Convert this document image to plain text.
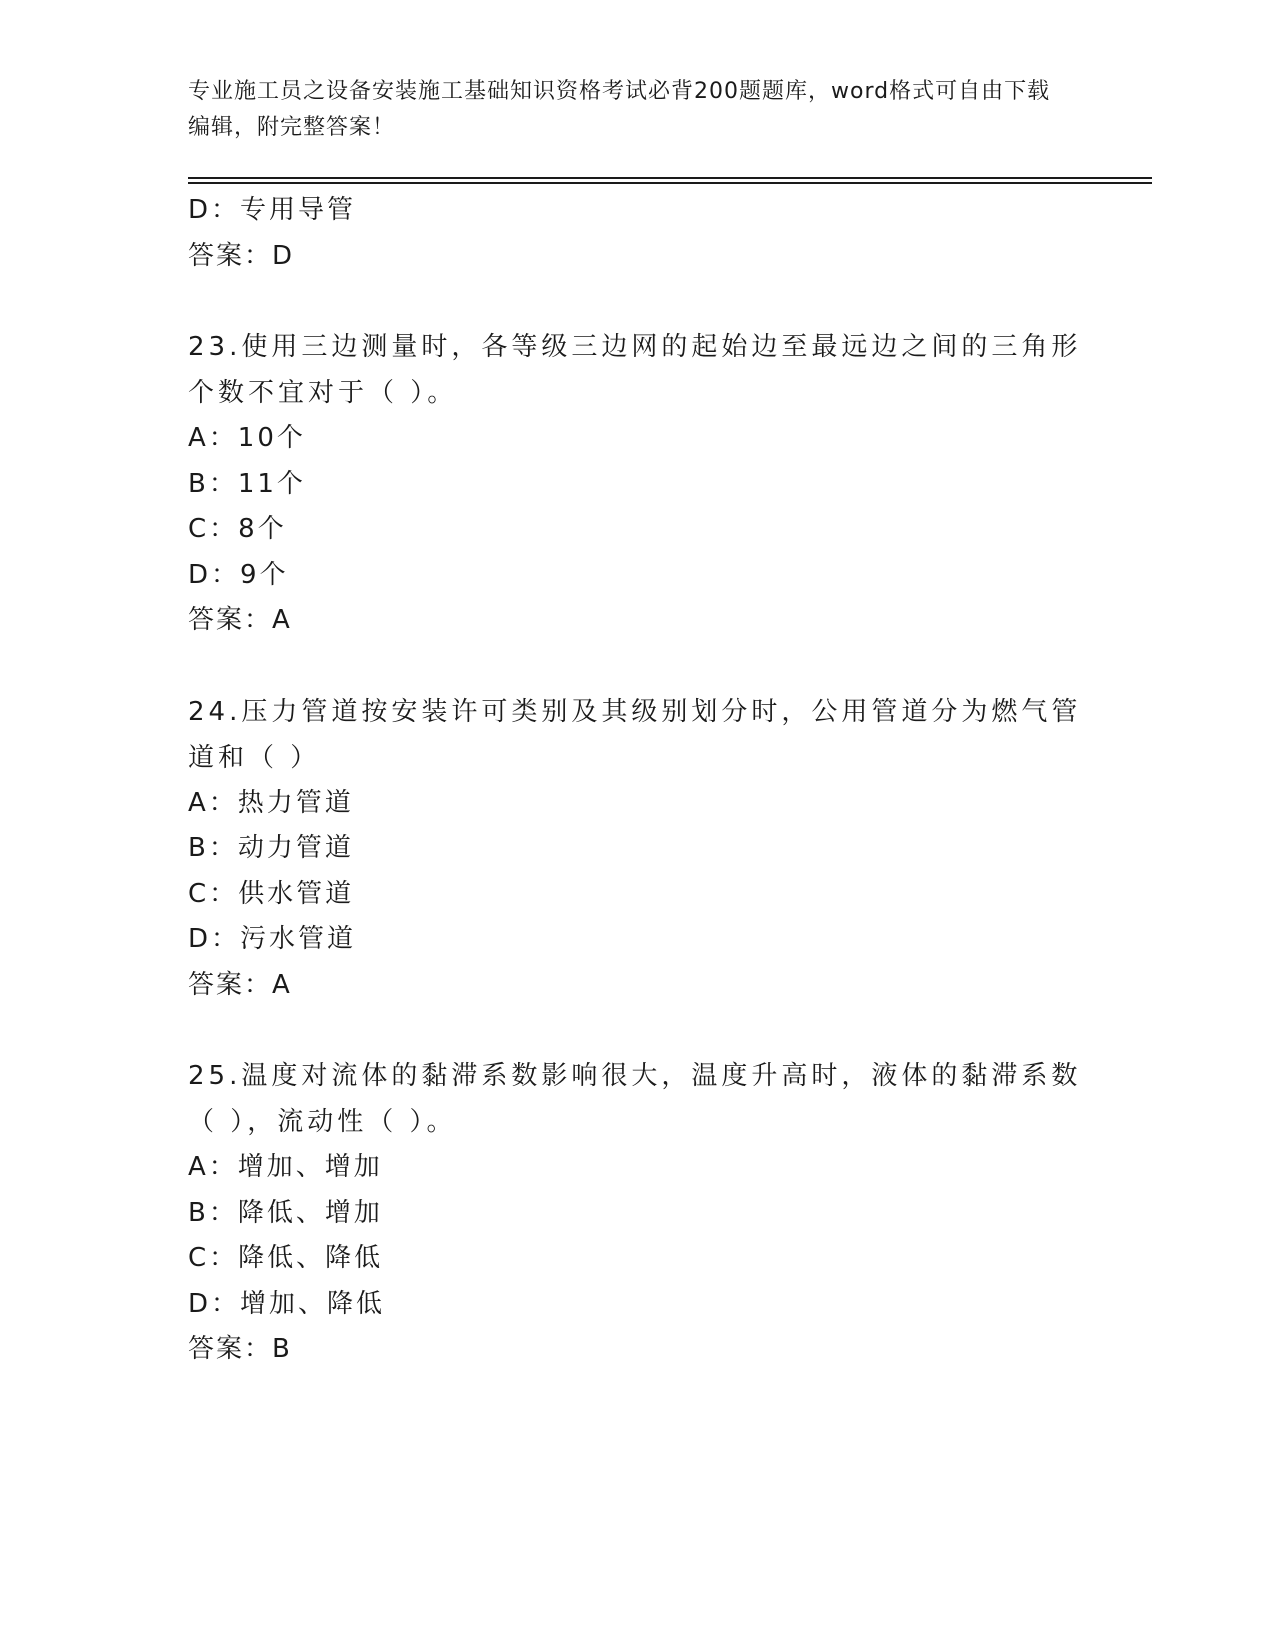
专业施工员之设备安装施工基础知识资格考试必背200题题库，word格式可自由下载编辑，附完整答案！
D：专用导管
答案：D
23.使用三边测量时，各等级三边网的起始边至最远边之间的三角形个数不宜对于（ ）。
A：10个
B：11个
C：8个
D：9个
答案：A
24.压力管道按安装许可类别及其级别划分时，公用管道分为燃气管道和（ ）
A：热力管道
B：动力管道
C：供水管道
D：污水管道
答案：A
25.温度对流体的黏滞系数影响很大，温度升高时，液体的黏滞系数（ ），流动性（ ）。
A：增加、增加
B：降低、增加
C：降低、降低
D：增加、降低
答案：B
